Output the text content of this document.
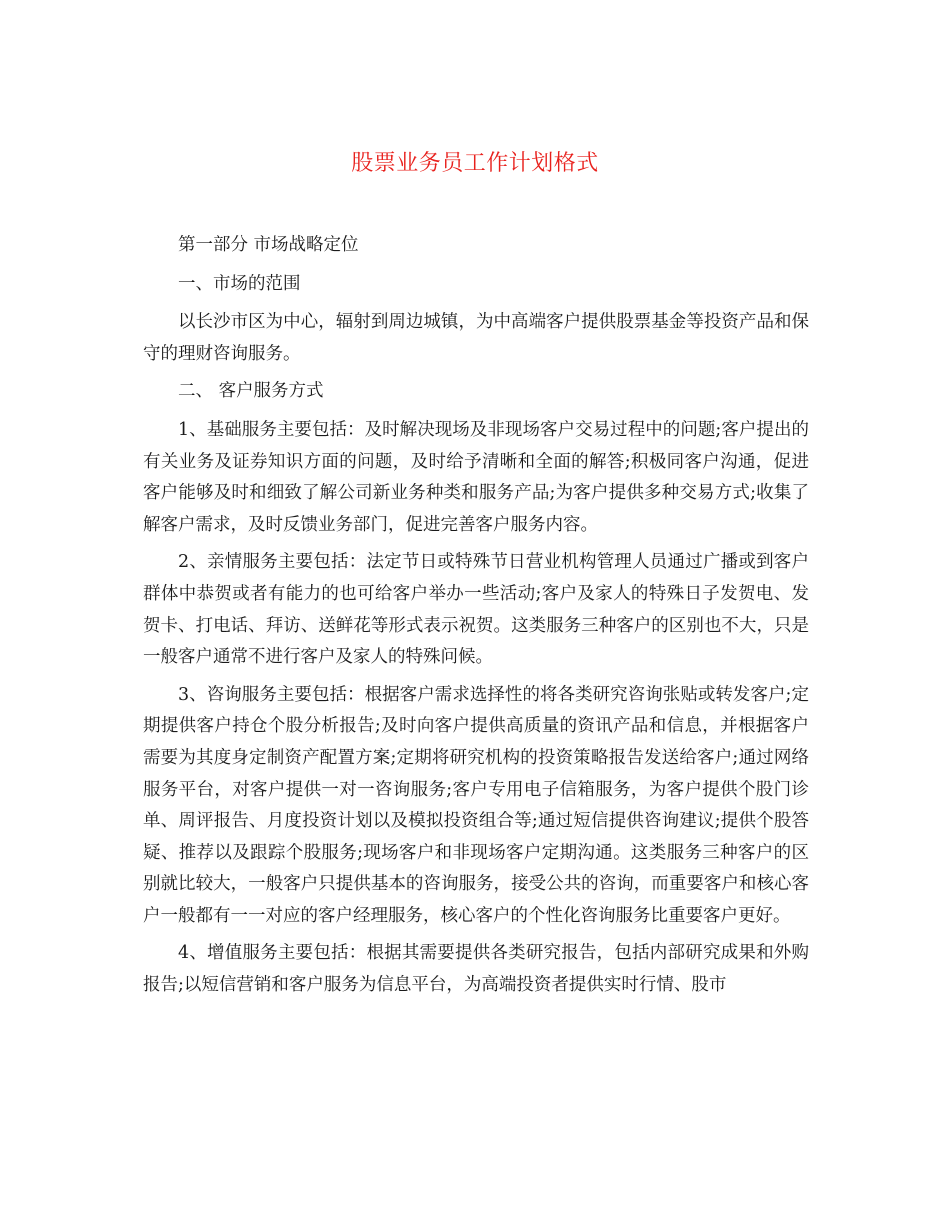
股票业务员工作计划格式

第一部分 市场战略定位

一、市场的范围

以长沙市区为中心，辐射到周边城镇，为中高端客户提供股票基金等投资产品和保守的理财咨询服务。

二、 客户服务方式

1、基础服务主要包括：及时解决现场及非现场客户交易过程中的问题;客户提出的有关业务及证券知识方面的问题，及时给予清晰和全面的解答;积极同客户沟通，促进客户能够及时和细致了解公司新业务种类和服务产品;为客户提供多种交易方式;收集了解客户需求，及时反馈业务部门，促进完善客户服务内容。

2、亲情服务主要包括：法定节日或特殊节日营业机构管理人员通过广播或到客户群体中恭贺或者有能力的也可给客户举办一些活动;客户及家人的特殊日子发贺电、发贺卡、打电话、拜访、送鲜花等形式表示祝贺。这类服务三种客户的区别也不大，只是一般客户通常不进行客户及家人的特殊问候。

3、咨询服务主要包括：根据客户需求选择性的将各类研究咨询张贴或转发客户;定期提供客户持仓个股分析报告;及时向客户提供高质量的资讯产品和信息，并根据客户需要为其度身定制资产配置方案;定期将研究机构的投资策略报告发送给客户;通过网络服务平台，对客户提供一对一咨询服务;客户专用电子信箱服务，为客户提供个股门诊单、周评报告、月度投资计划以及模拟投资组合等;通过短信提供咨询建议;提供个股答疑、推荐以及跟踪个股服务;现场客户和非现场客户定期沟通。这类服务三种客户的区别就比较大，一般客户只提供基本的咨询服务，接受公共的咨询，而重要客户和核心客户一般都有一一对应的客户经理服务，核心客户的个性化咨询服务比重要客户更好。

4、增值服务主要包括：根据其需要提供各类研究报告，包括内部研究成果和外购报告;以短信营销和客户服务为信息平台，为高端投资者提供实时行情、股市
